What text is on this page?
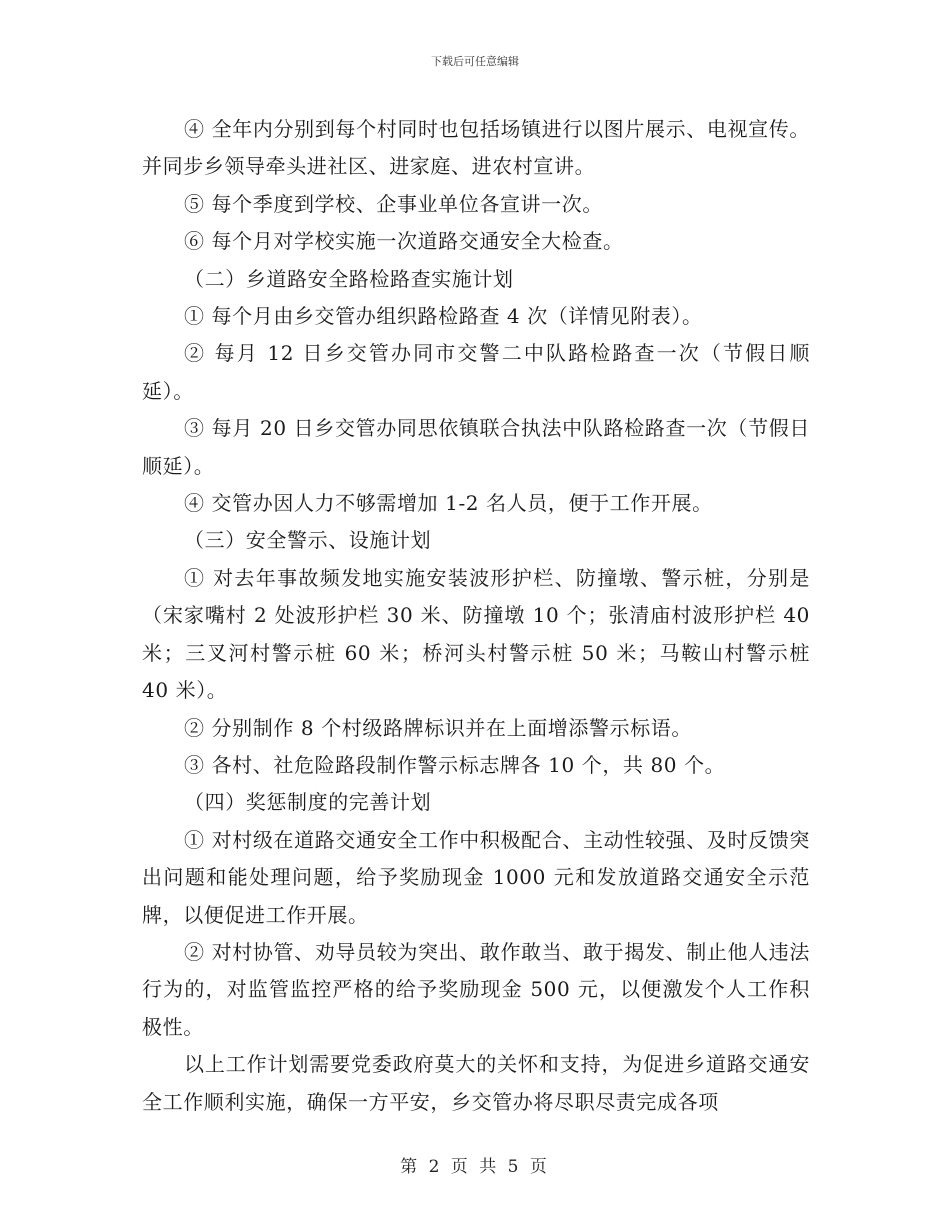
下载后可任意编辑

④ 全年内分别到每个村同时也包括场镇进行以图片展示、电视宣传。并同步乡领导牵头进社区、进家庭、进农村宣讲。

⑤ 每个季度到学校、企事业单位各宣讲一次。

⑥ 每个月对学校实施一次道路交通安全大检查。

（二）乡道路安全路检路查实施计划

① 每个月由乡交管办组织路检路查 4 次（详情见附表）。

② 每月 12 日乡交管办同市交警二中队路检路查一次（节假日顺延）。

③ 每月 20 日乡交管办同思依镇联合执法中队路检路查一次（节假日顺延）。

④ 交管办因人力不够需增加 1-2 名人员，便于工作开展。

（三）安全警示、设施计划

① 对去年事故频发地实施安装波形护栏、防撞墩、警示桩，分别是（宋家嘴村 2 处波形护栏 30 米、防撞墩 10 个；张清庙村波形护栏 40 米；三叉河村警示桩 60 米；桥河头村警示桩 50 米；马鞍山村警示桩 40 米）。

② 分别制作 8 个村级路牌标识并在上面增添警示标语。

③ 各村、社危险路段制作警示标志牌各 10 个，共 80 个。

（四）奖惩制度的完善计划

① 对村级在道路交通安全工作中积极配合、主动性较强、及时反馈突出问题和能处理问题，给予奖励现金 1000 元和发放道路交通安全示范牌，以便促进工作开展。

② 对村协管、劝导员较为突出、敢作敢当、敢于揭发、制止他人违法行为的，对监管监控严格的给予奖励现金 500 元，以便激发个人工作积极性。

以上工作计划需要党委政府莫大的关怀和支持，为促进乡道路交通安全工作顺利实施，确保一方平安，乡交管办将尽职尽责完成各项

第 2 页 共 5 页
